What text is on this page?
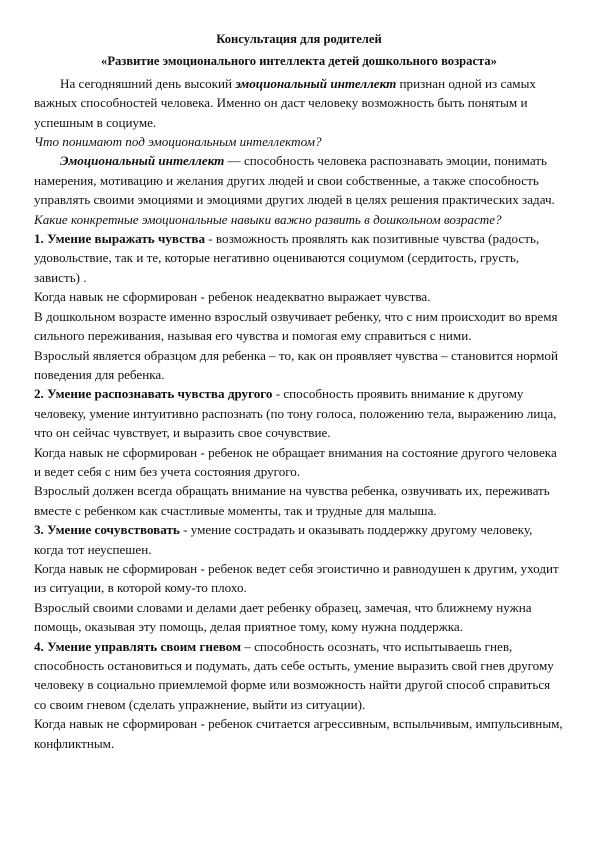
Консультация для родителей

«Развитие эмоционального интеллекта детей дошкольного возраста»

На сегодняшний день высокий эмоциональный интеллект признан одной из самых важных способностей человека. Именно он даст человеку возможность быть понятым и успешным в социуме.

Что понимают под эмоциональным интеллектом?

Эмоциональный интеллект — способность человека распознавать эмоции, понимать намерения, мотивацию и желания других людей и свои собственные, а также способность управлять своими эмоциями и эмоциями других людей в целях решения практических задач.

Какие конкретные эмоциональные навыки важно развить в дошкольном возрасте?

1. Умение выражать чувства - возможность проявлять как позитивные чувства (радость, удовольствие, так и те, которые негативно оцениваются социумом (сердитость, грусть, зависть) .

Когда навык не сформирован - ребенок неадекватно выражает чувства.

В дошкольном возрасте именно взрослый озвучивает ребенку, что с ним происходит во время сильного переживания, называя его чувства и помогая ему справиться с ними.

Взрослый является образцом для ребенка – то, как он проявляет чувства – становится нормой поведения для ребенка.

2. Умение распознавать чувства другого - способность проявить внимание к другому человеку, умение интуитивно распознать (по тону голоса, положению тела, выражению лица, что он сейчас чувствует, и выразить свое сочувствие.

Когда навык не сформирован - ребенок не обращает внимания на состояние другого человека и ведет себя с ним без учета состояния другого.

Взрослый должен всегда обращать внимание на чувства ребенка, озвучивать их, переживать вместе с ребенком как счастливые моменты, так и трудные для малыша.

3. Умение сочувствовать - умение сострадать и оказывать поддержку другому человеку, когда тот неуспешен.

Когда навык не сформирован - ребенок ведет себя эгоистично и равнодушен к другим, уходит из ситуации, в которой кому-то плохо.

Взрослый своими словами и делами дает ребенку образец, замечая, что ближнему нужна помощь, оказывая эту помощь, делая приятное тому, кому нужна поддержка.

4. Умение управлять своим гневом – способность осознать, что испытываешь гнев, способность остановиться и подумать, дать себе остыть, умение выразить свой гнев другому человеку в социально приемлемой форме или возможность найти другой способ справиться со своим гневом (сделать упражнение, выйти из ситуации).

Когда навык не сформирован - ребенок считается агрессивным, вспыльчивым, импульсивным, конфликтным.
